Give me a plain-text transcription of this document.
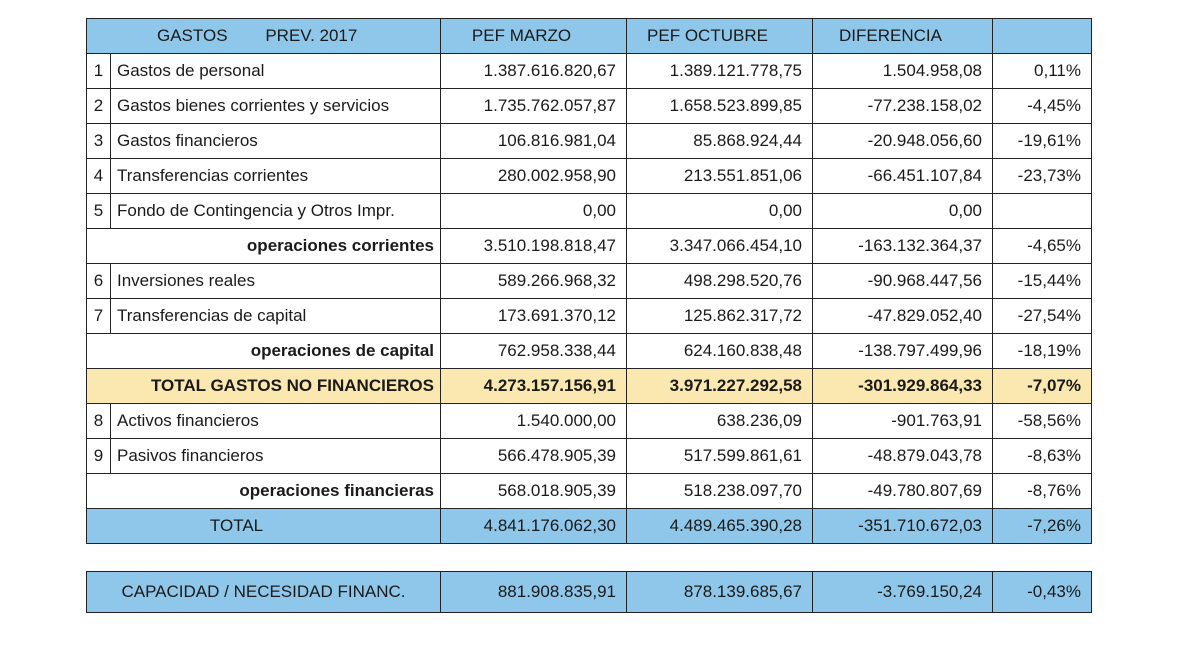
GASTOS PREV. 2017		PEF MARZO	PEF OCTUBRE	DIFERENCIA	
1	Gastos de personal	1.387.616.820,67	1.389.121.778,75	1.504.958,08	0,11%
2	Gastos bienes corrientes y servicios	1.735.762.057,87	1.658.523.899,85	-77.238.158,02	-4,45%
3	Gastos financieros	106.816.981,04	85.868.924,44	-20.948.056,60	-19,61%
4	Transferencias corrientes	280.002.958,90	213.551.851,06	-66.451.107,84	-23,73%
5	Fondo de Contingencia y Otros Impr.	0,00	0,00	0,00	
operaciones corrientes		3.510.198.818,47	3.347.066.454,10	-163.132.364,37	-4,65%
6	Inversiones reales	589.266.968,32	498.298.520,76	-90.968.447,56	-15,44%
7	Transferencias de capital	173.691.370,12	125.862.317,72	-47.829.052,40	-27,54%
operaciones de capital		762.958.338,44	624.160.838,48	-138.797.499,96	-18,19%
TOTAL GASTOS NO FINANCIEROS		4.273.157.156,91	3.971.227.292,58	-301.929.864,33	-7,07%
8	Activos financieros	1.540.000,00	638.236,09	-901.763,91	-58,56%
9	Pasivos financieros	566.478.905,39	517.599.861,61	-48.879.043,78	-8,63%
operaciones financieras		568.018.905,39	518.238.097,70	-49.780.807,69	-8,76%
TOTAL		4.841.176.062,30	4.489.465.390,28	-351.710.672,03	-7,26%
CAPACIDAD / NECESIDAD FINANC.	881.908.835,91	878.139.685,67	-3.769.150,24	-0,43%
